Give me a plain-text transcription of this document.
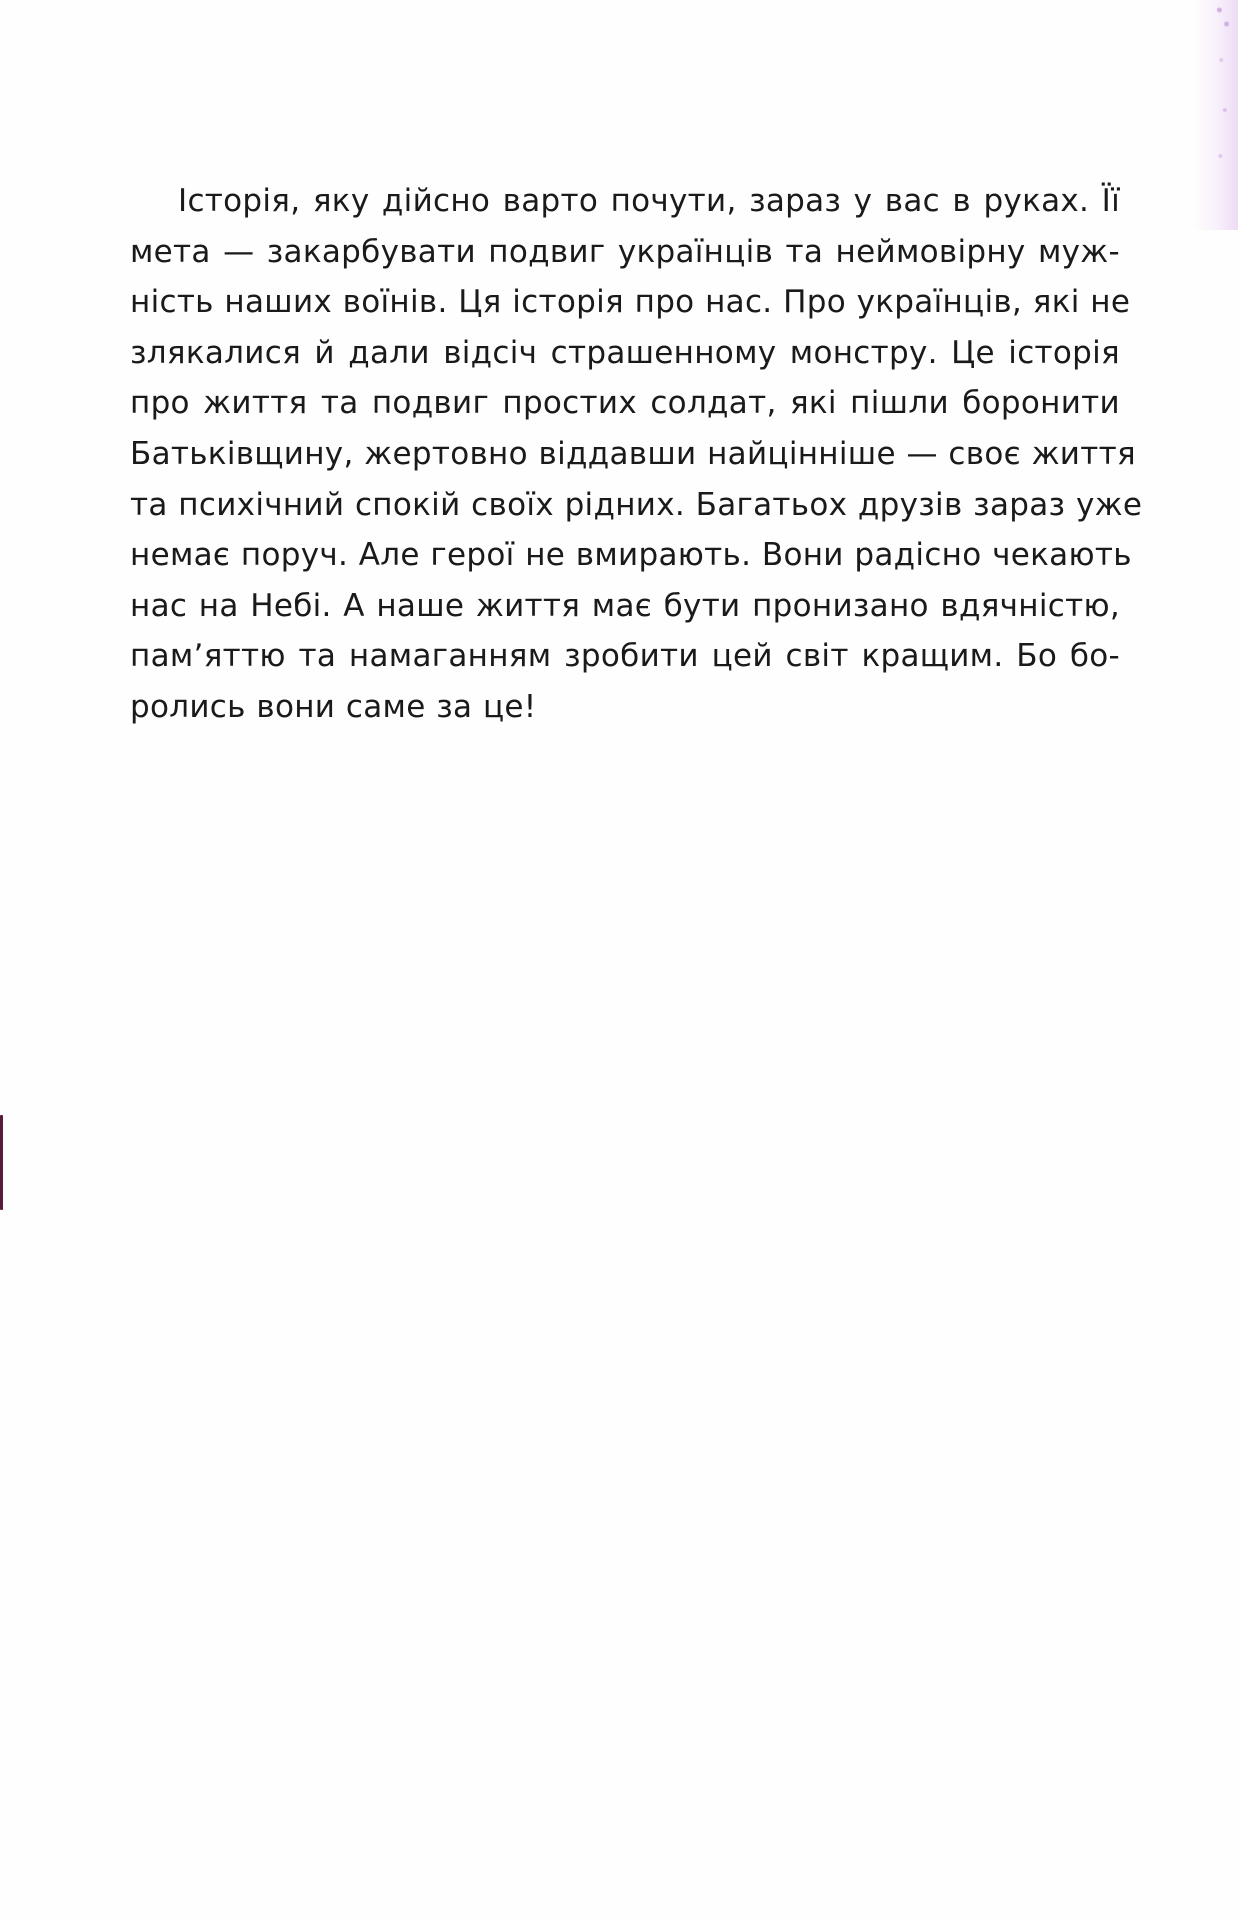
Історія, яку дійсно варто почути, зараз у вас в руках. Її
мета — закарбувати подвиг українців та неймовірну муж-
ність наших воїнів. Ця історія про нас. Про українців, які не
злякалися й дали відсіч страшенному монстру. Це історія
про життя та подвиг простих солдат, які пішли боронити
Батьківщину, жертовно віддавши найцінніше — своє життя
та психічний спокій своїх рідних. Багатьох друзів зараз уже
немає поруч. Але герої не вмирають. Вони радісно чекають
нас на Небі. А наше життя має бути пронизано вдячністю,
пам’яттю та намаганням зробити цей світ кращим. Бо бо-
ролись вони саме за це!
